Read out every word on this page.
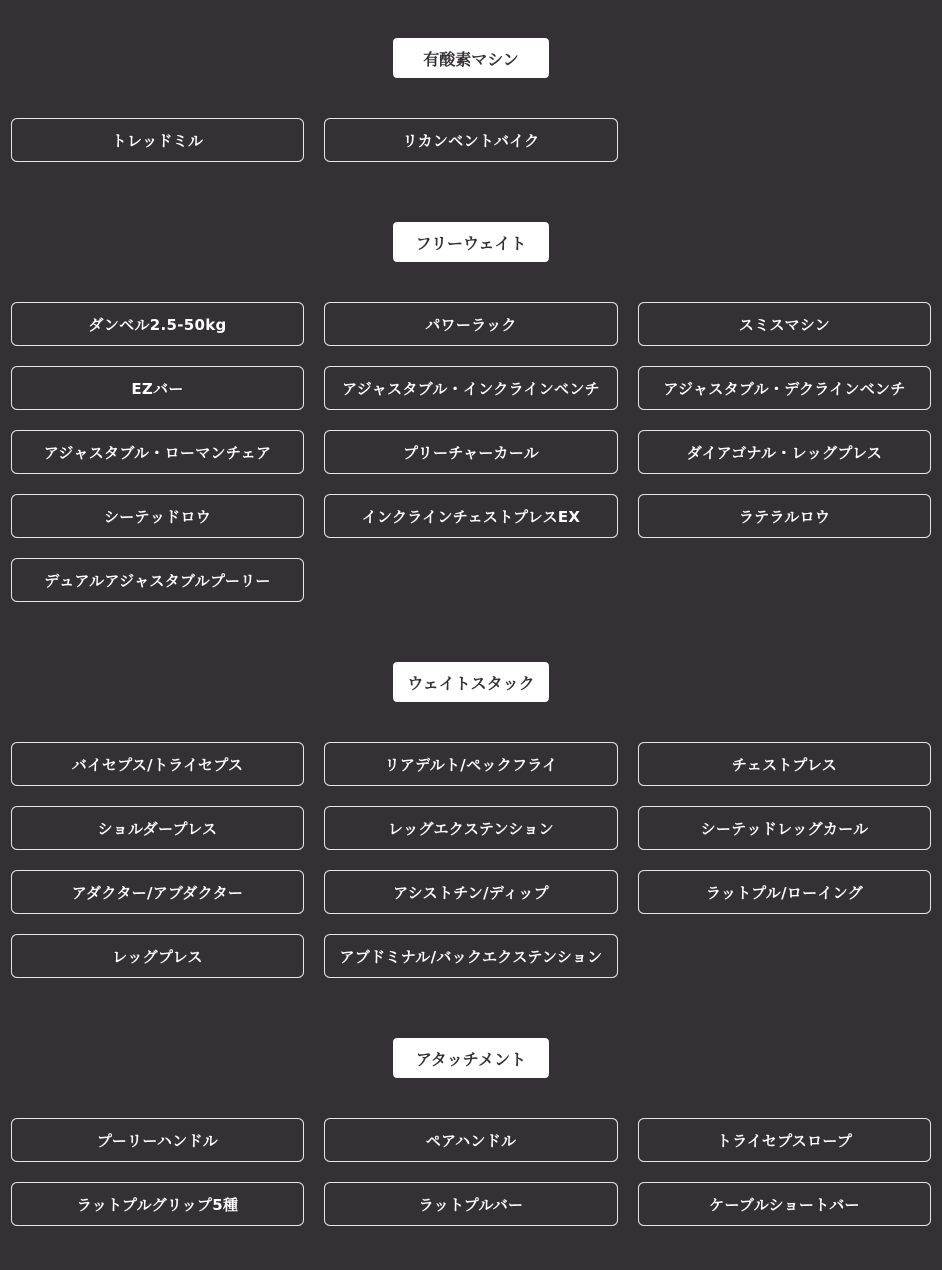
有酸素マシン
トレッドミル	リカンベントバイク
フリーウェイト
ダンベル2.5-50kg	パワーラック	スミスマシン
EZバー	アジャスタブル・インクラインベンチ	アジャスタブル・デクラインベンチ
アジャスタブル・ローマンチェア	プリーチャーカール	ダイアゴナル・レッグプレス
シーテッドロウ	インクラインチェストプレスEX	ラテラルロウ
デュアルアジャスタブルプーリー
ウェイトスタック
バイセプス/トライセプス	リアデルト/ペックフライ	チェストプレス
ショルダープレス	レッグエクステンション	シーテッドレッグカール
アダクター/アブダクター	アシストチン/ディップ	ラットプル/ローイング
レッグプレス	アブドミナル/バックエクステンション
アタッチメント
プーリーハンドル	ペアハンドル	トライセプスロープ
ラットプルグリップ5種	ラットプルバー	ケーブルショートバー
